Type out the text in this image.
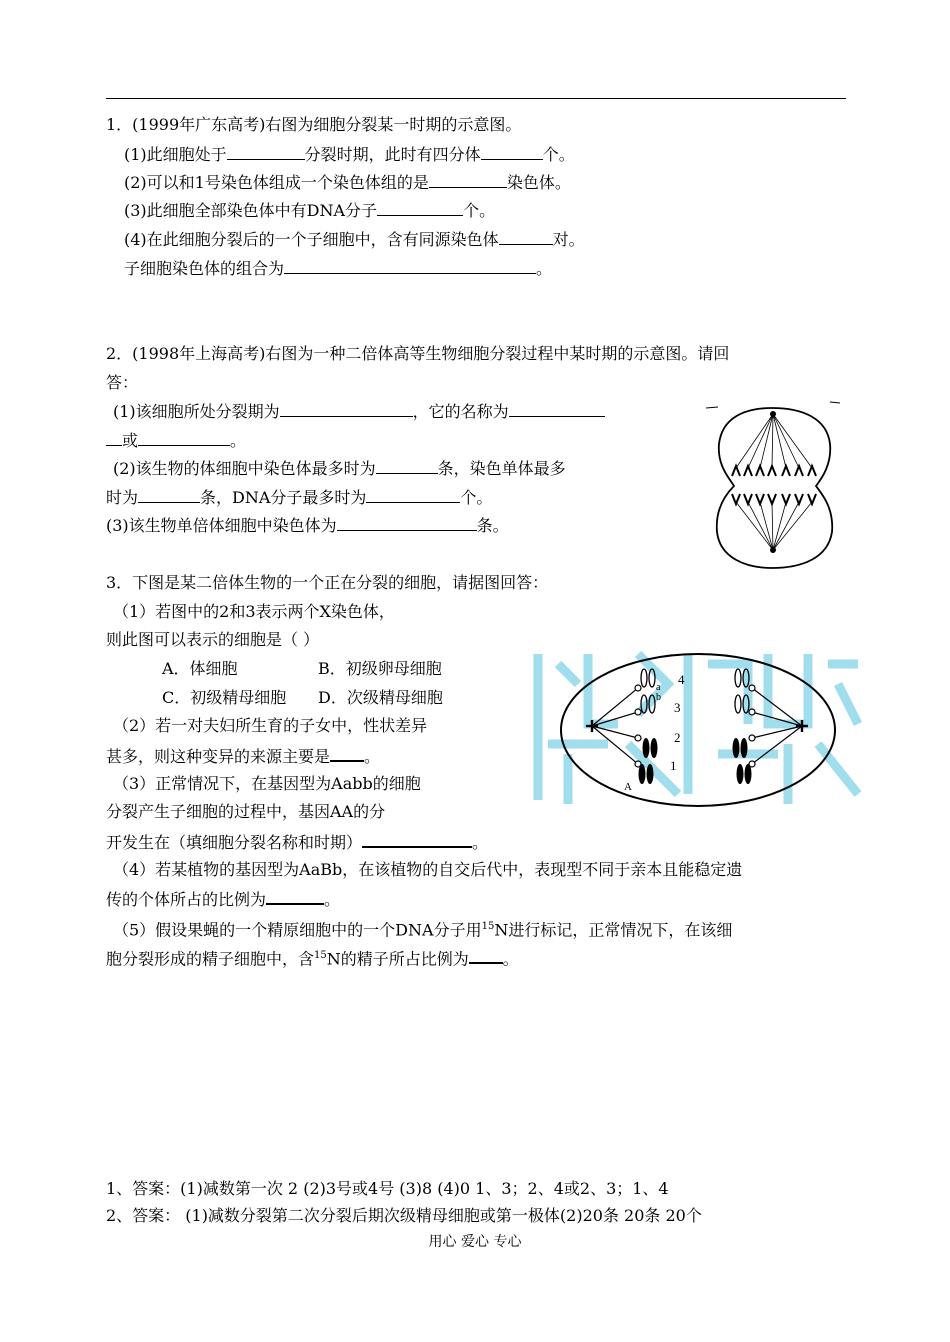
1．(1999年广东高考)右图为细胞分裂某一时期的示意图。
(1)此细胞处于	分裂时期，此时有四分体	个。
(2)可以和1号染色体组成一个染色体组的是	染色体。
(3)此细胞全部染色体中有DNA分子	个。
(4)在此细胞分裂后的一个子细胞中，含有同源染色体	对。
子细胞染色体的组合为	。
2．(1998年上海高考)右图为一种二倍体高等生物细胞分裂过程中某时期的示意图。请回
答：
(1)该细胞所处分裂期为	，它的名称为
或	。
(2)该生物的体细胞中染色体最多时为	条，染色单体最多
时为	条，DNA分子最多时为	个。
(3)该生物单倍体细胞中染色体为	条。
3．下图是某二倍体生物的一个正在分裂的细胞，请据图回答：
（1）若图中的2和3表示两个X染色体，
则此图可以表示的细胞是（ ）
A．体细胞	B．初级卵母细胞
C．初级精母细胞 D．次级精母细胞
（2）若一对夫妇所生育的子女中，性状差异
甚多，则这种变异的来源主要是 。
（3）正常情况下，在基因型为Aabb的细胞
分裂产生子细胞的过程中，基因AA的分
开发生在（填细胞分裂名称和时期）	。
（4）若某植物的基因型为AaBb，在该植物的自交后代中，表现型不同于亲本且能稳定遗
传的个体所占的比例为	。
（5）假设果蝇的一个精原细胞中的一个DNA分子用$^{15}$N进行标记，正常情况下，在该细
胞分裂形成的精子细胞中，含$^{15}$N的精子所占比例为 。
4
3
2
1
A
b
a
1、答案：(1)减数第一次 2 (2)3号或4号 (3)8 (4)0 1、3；2、4或2、3；1、4
2、答案： (1)减数分裂第二次分裂后期次级精母细胞或第一极体(2)20条 20条 20个
用心 爱心 专心
